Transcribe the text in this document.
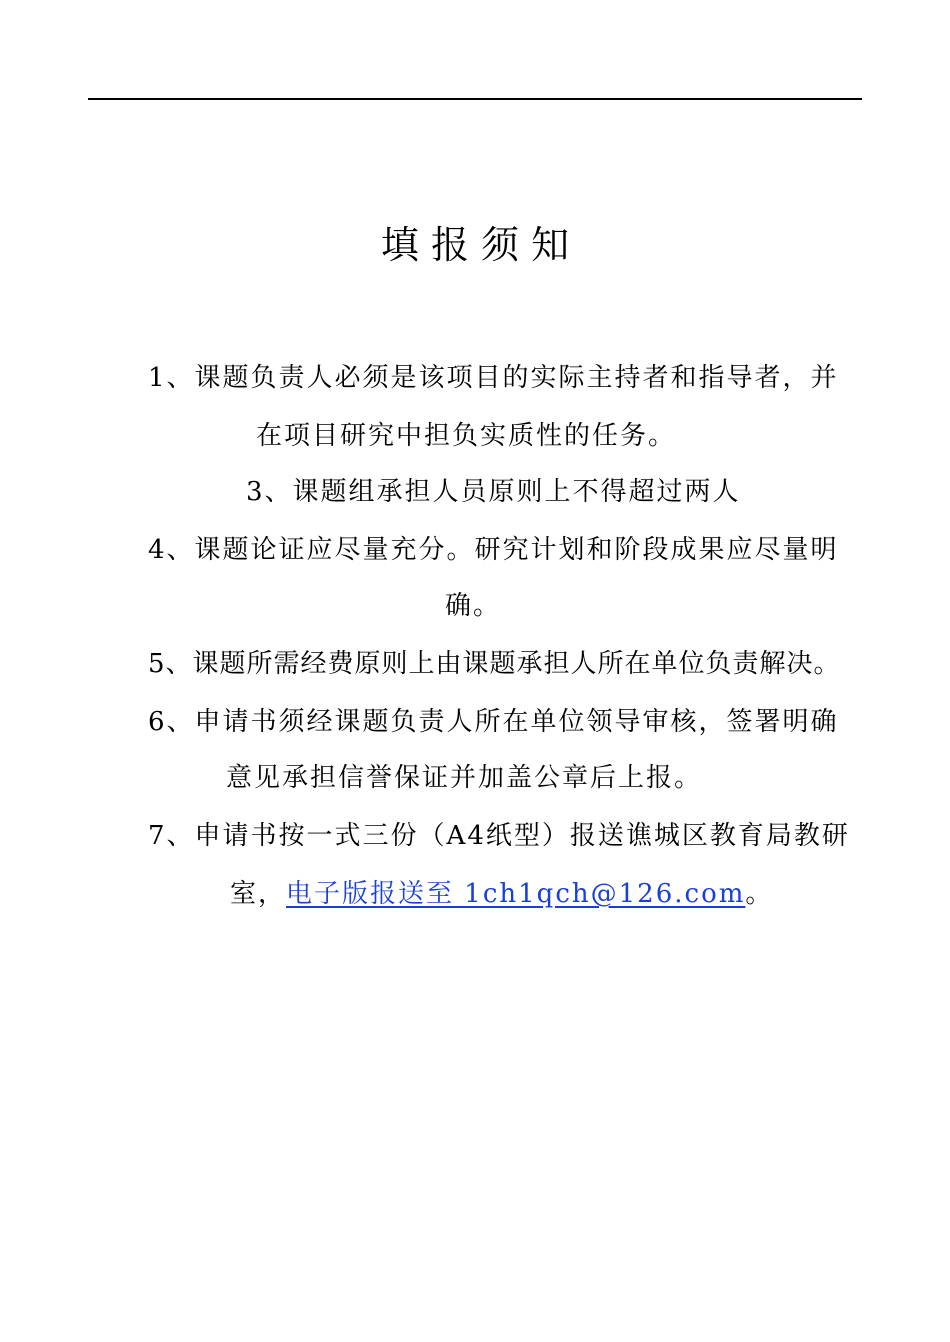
填 报 须 知
1、课题负责人必须是该项目的实际主持者和指导者，并
在项目研究中担负实质性的任务。
3、课题组承担人员原则上不得超过两人
4、课题论证应尽量充分。研究计划和阶段成果应尽量明
确。
5、课题所需经费原则上由课题承担人所在单位负责解决。
6、申请书须经课题负责人所在单位领导审核，签署明确
意见承担信誉保证并加盖公章后上报。
7、申请书按一式三份（A4纸型）报送谯城区教育局教研
室，电子版报送至 1ch1qch@126.com。
